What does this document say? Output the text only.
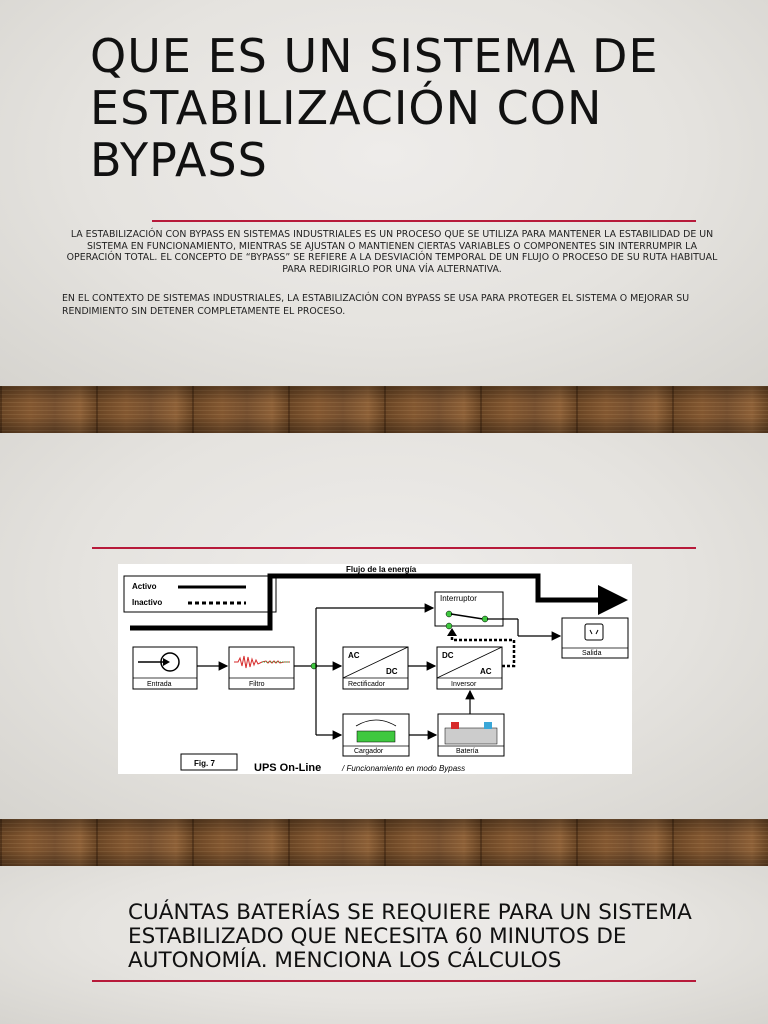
QUE ES UN SISTEMA DE ESTABILIZACIÓN CON BYPASS

LA ESTABILIZACIÓN CON BYPASS EN SISTEMAS INDUSTRIALES ES UN PROCESO QUE SE UTILIZA PARA MANTENER LA ESTABILIDAD DE UN SISTEMA EN FUNCIONAMIENTO, MIENTRAS SE AJUSTAN O MANTIENEN CIERTAS VARIABLES O COMPONENTES SIN INTERRUMPIR LA OPERACIÓN TOTAL. EL CONCEPTO DE “BYPASS” SE REFIERE A LA DESVIACIÓN TEMPORAL DE UN FLUJO O PROCESO DE SU RUTA HABITUAL PARA REDIRIGIRLO POR UNA VÍA ALTERNATIVA.

EN EL CONTEXTO DE SISTEMAS INDUSTRIALES, LA ESTABILIZACIÓN CON BYPASS SE USA PARA PROTEGER EL SISTEMA O MEJORAR SU RENDIMIENTO SIN DETENER COMPLETAMENTE EL PROCESO.

Activo
Inactivo
Flujo de la energía
Interruptor
Entrada	Filtro
AC
DC
Rectificador
DC
AC
Inversor
Salida
Cargador	Batería
Fig. 7	UPS On-Line	/ Funcionamiento en modo Bypass
CUÁNTAS BATERÍAS SE REQUIERE PARA UN SISTEMA ESTABILIZADO QUE NECESITA 60 MINUTOS DE AUTONOMÍA. MENCIONA LOS CÁLCULOS
